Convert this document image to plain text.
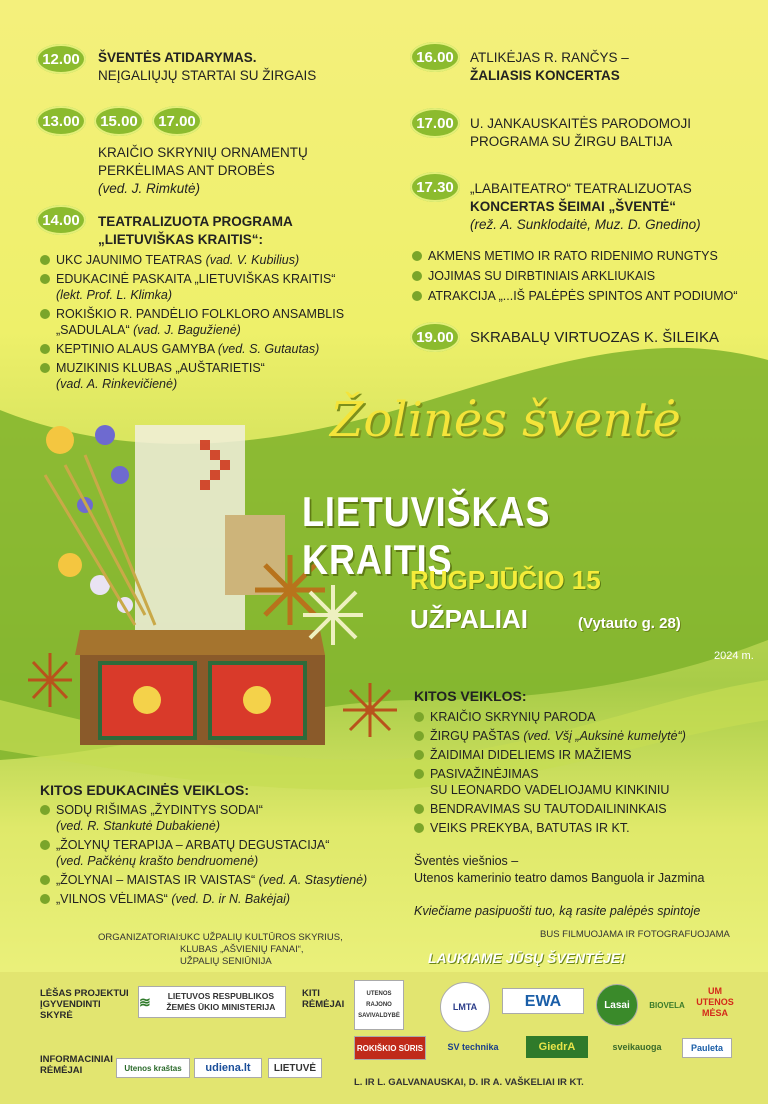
12.00	ŠVENTĖS ATIDARYMAS.
NEĮGALIŲJŲ STARTAI SU ŽIRGAIS
13.00	15.00	17.00
KRAIČIO SKRYNIŲ ORNAMENTŲ
PERKĖLIMAS ANT DROBĖS
(ved. J. Rimkutė)
14.00	TEATRALIZUOTA PROGRAMA
„LIETUVIŠKAS KRAITIS“:
UKC JAUNIMO TEATRAS (vad. V. Kubilius)
EDUKACINĖ PASKAITA „LIETUVIŠKAS KRAITIS“
(lekt. Prof. L. Klimka)
ROKIŠKIO R. PANDĖLIO FOLKLORO ANSAMBLIS
„SADULALA“ (vad. J. Bagužienė)
KEPTINIO ALAUS GAMYBA (ved. S. Gutautas)
MUZIKINIS KLUBAS „AUŠTARIETIS“
(vad. A. Rinkevičienė)
16.00	ATLIKĖJAS R. RANČYS –
ŽALIASIS KONCERTAS
17.00	U. JANKAUSKAITĖS PARODOMOJI
PROGRAMA SU ŽIRGU BALTIJA
17.30	„LABAITEATRO“ TEATRALIZUOTAS
KONCERTAS ŠEIMAI „ŠVENTĖ“
(rež. A. Sunklodaitė, Muz. D. Gnedino)
AKMENS METIMO IR RATO RIDENIMO RUNGTYS
JOJIMAS SU DIRBTINIAIS ARKLIUKAIS
ATRAKCIJA „...IŠ PALĖPĖS SPINTOS ANT PODIUMO“
19.00	SKRABALŲ VIRTUOZAS K. ŠILEIKA
Žolinės šventė
LIETUVIŠKAS KRAITIS
RUGPJŪČIO 15
UŽPALIAI	(Vytauto g. 28)
2024 m.
KITOS VEIKLOS:
KRAIČIO SKRYNIŲ PARODA
ŽIRGŲ PAŠTAS (ved. Všį „Auksinė kumelytė“)
ŽAIDIMAI DIDELIEMS IR MAŽIEMS
PASIVAŽINĖJIMAS
SU LEONARDO VADELIOJAMU KINKINIU
BENDRAVIMAS SU TAUTODAILININKAIS
VEIKS PREKYBA, BATUTAS IR KT.
Šventės viešnios –
Utenos kamerinio teatro damos Banguola ir Jazmina
Kviečiame pasipuošti tuo, ką rasite palėpės spintoje
BUS FILMUOJAMA IR FOTOGRAFUOJAMA
LAUKIAME JŪSŲ ŠVENTĖJE!
KITOS EDUKACINĖS VEIKLOS:
SODŲ RIŠIMAS „ŽYDINTYS SODAI“
(ved. R. Stankutė Dubakienė)
„ŽOLYNŲ TERAPIJA – ARBATŲ DEGUSTACIJA“
(ved. Pačkėnų krašto bendruomenė)
„ŽOLYNAI – MAISTAS IR VAISTAS“ (ved. A. Stasytienė)
„VILNOS VĖLIMAS“ (ved. D. ir N. Bakėjai)
ORGANIZATORIAI:
UKC UŽPALIŲ KULTŪROS SKYRIUS,
KLUBAS „AŠVIENIŲ FANAI“,
UŽPALIŲ SENIŪNIJA
LĖŠAS PROJEKTUI ĮGYVENDINTI SKYRĖ
≋	LIETUVOS RESPUBLIKOS ŽEMĖS ŪKIO MINISTERIJA
KITI RĖMĖJAI
UTENOS RAJONO SAVIVALDYBĖ
LMTA	EWA	Lasai BIOVELA
UM UTENOS MĖSA
ROKIŠKIO SŪRIS	SV technika	GiedrA	sveikauoga	Pauleta
INFORMACINIAI RĖMĖJAI	Utenos kraštas udiena.lt LIETUVĖ
L. IR L. GALVANAUSKAI, D. IR A. VAŠKELIAI IR KT.
